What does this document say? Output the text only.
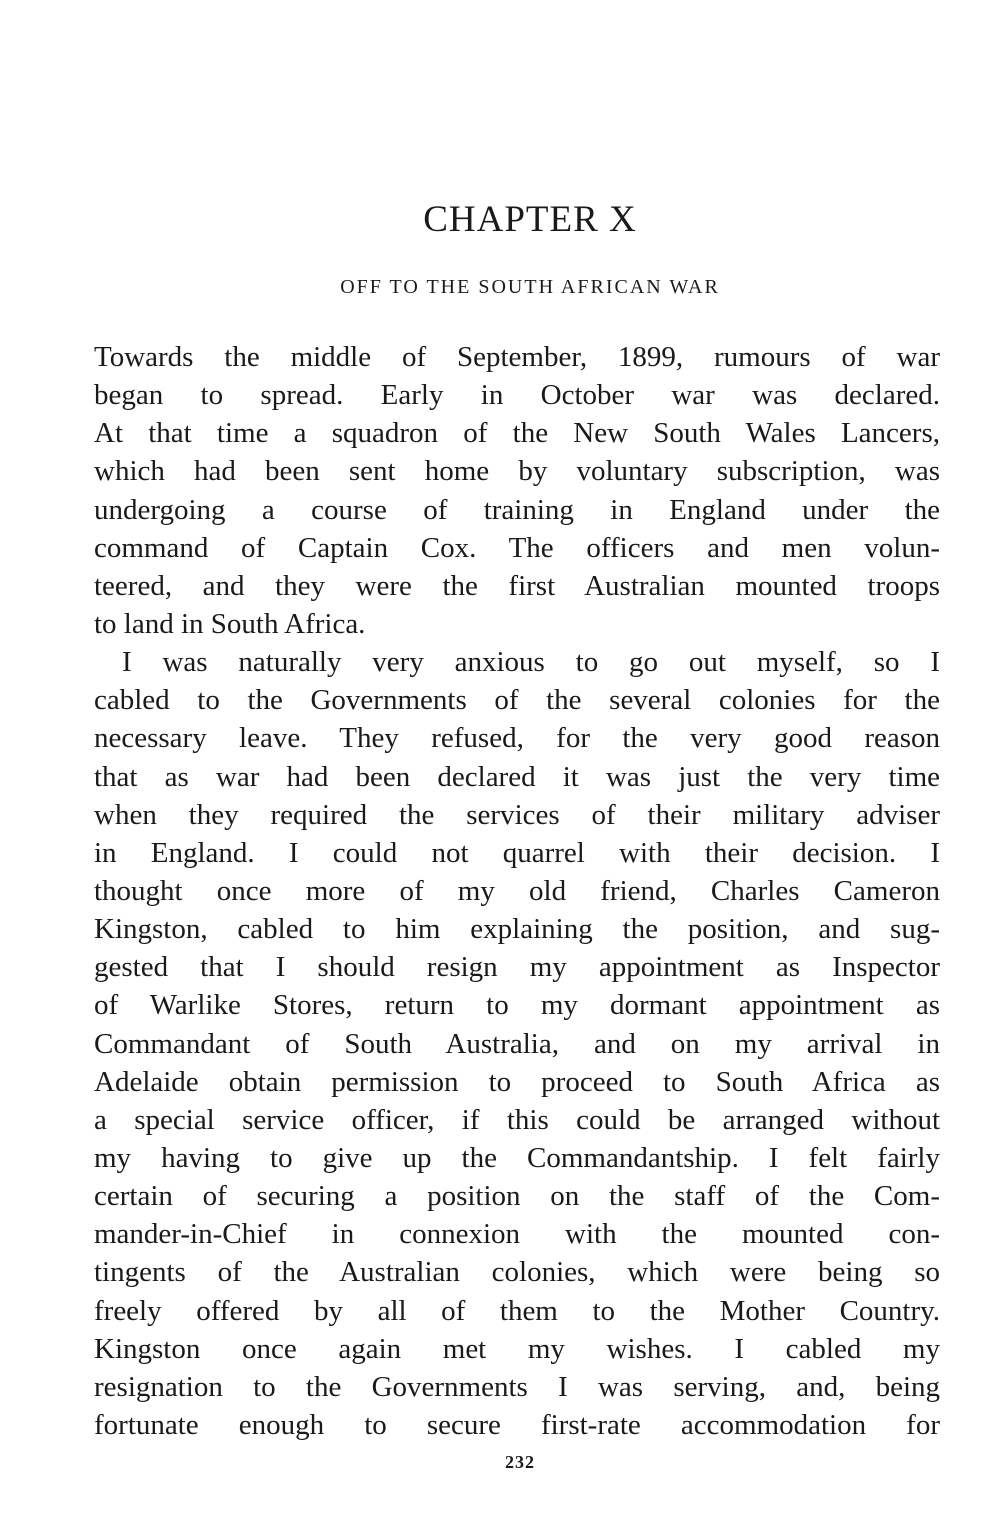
CHAPTER X
OFF TO THE SOUTH AFRICAN WAR
Towards the middle of September, 1899, rumours of war
began to spread. Early in October war was declared.
At that time a squadron of the New South Wales Lancers,
which had been sent home by voluntary subscription, was
undergoing a course of training in England under the
command of Captain Cox. The officers and men volun-
teered, and they were the first Australian mounted troops
to land in South Africa.
I was naturally very anxious to go out myself, so I
cabled to the Governments of the several colonies for the
necessary leave. They refused, for the very good reason
that as war had been declared it was just the very time
when they required the services of their military adviser
in England. I could not quarrel with their decision. I
thought once more of my old friend, Charles Cameron
Kingston, cabled to him explaining the position, and sug-
gested that I should resign my appointment as Inspector
of Warlike Stores, return to my dormant appointment as
Commandant of South Australia, and on my arrival in
Adelaide obtain permission to proceed to South Africa as
a special service officer, if this could be arranged without
my having to give up the Commandantship. I felt fairly
certain of securing a position on the staff of the Com-
mander-in-Chief in connexion with the mounted con-
tingents of the Australian colonies, which were being so
freely offered by all of them to the Mother Country.
Kingston once again met my wishes. I cabled my
resignation to the Governments I was serving, and, being
fortunate enough to secure first-rate accommodation for
232
